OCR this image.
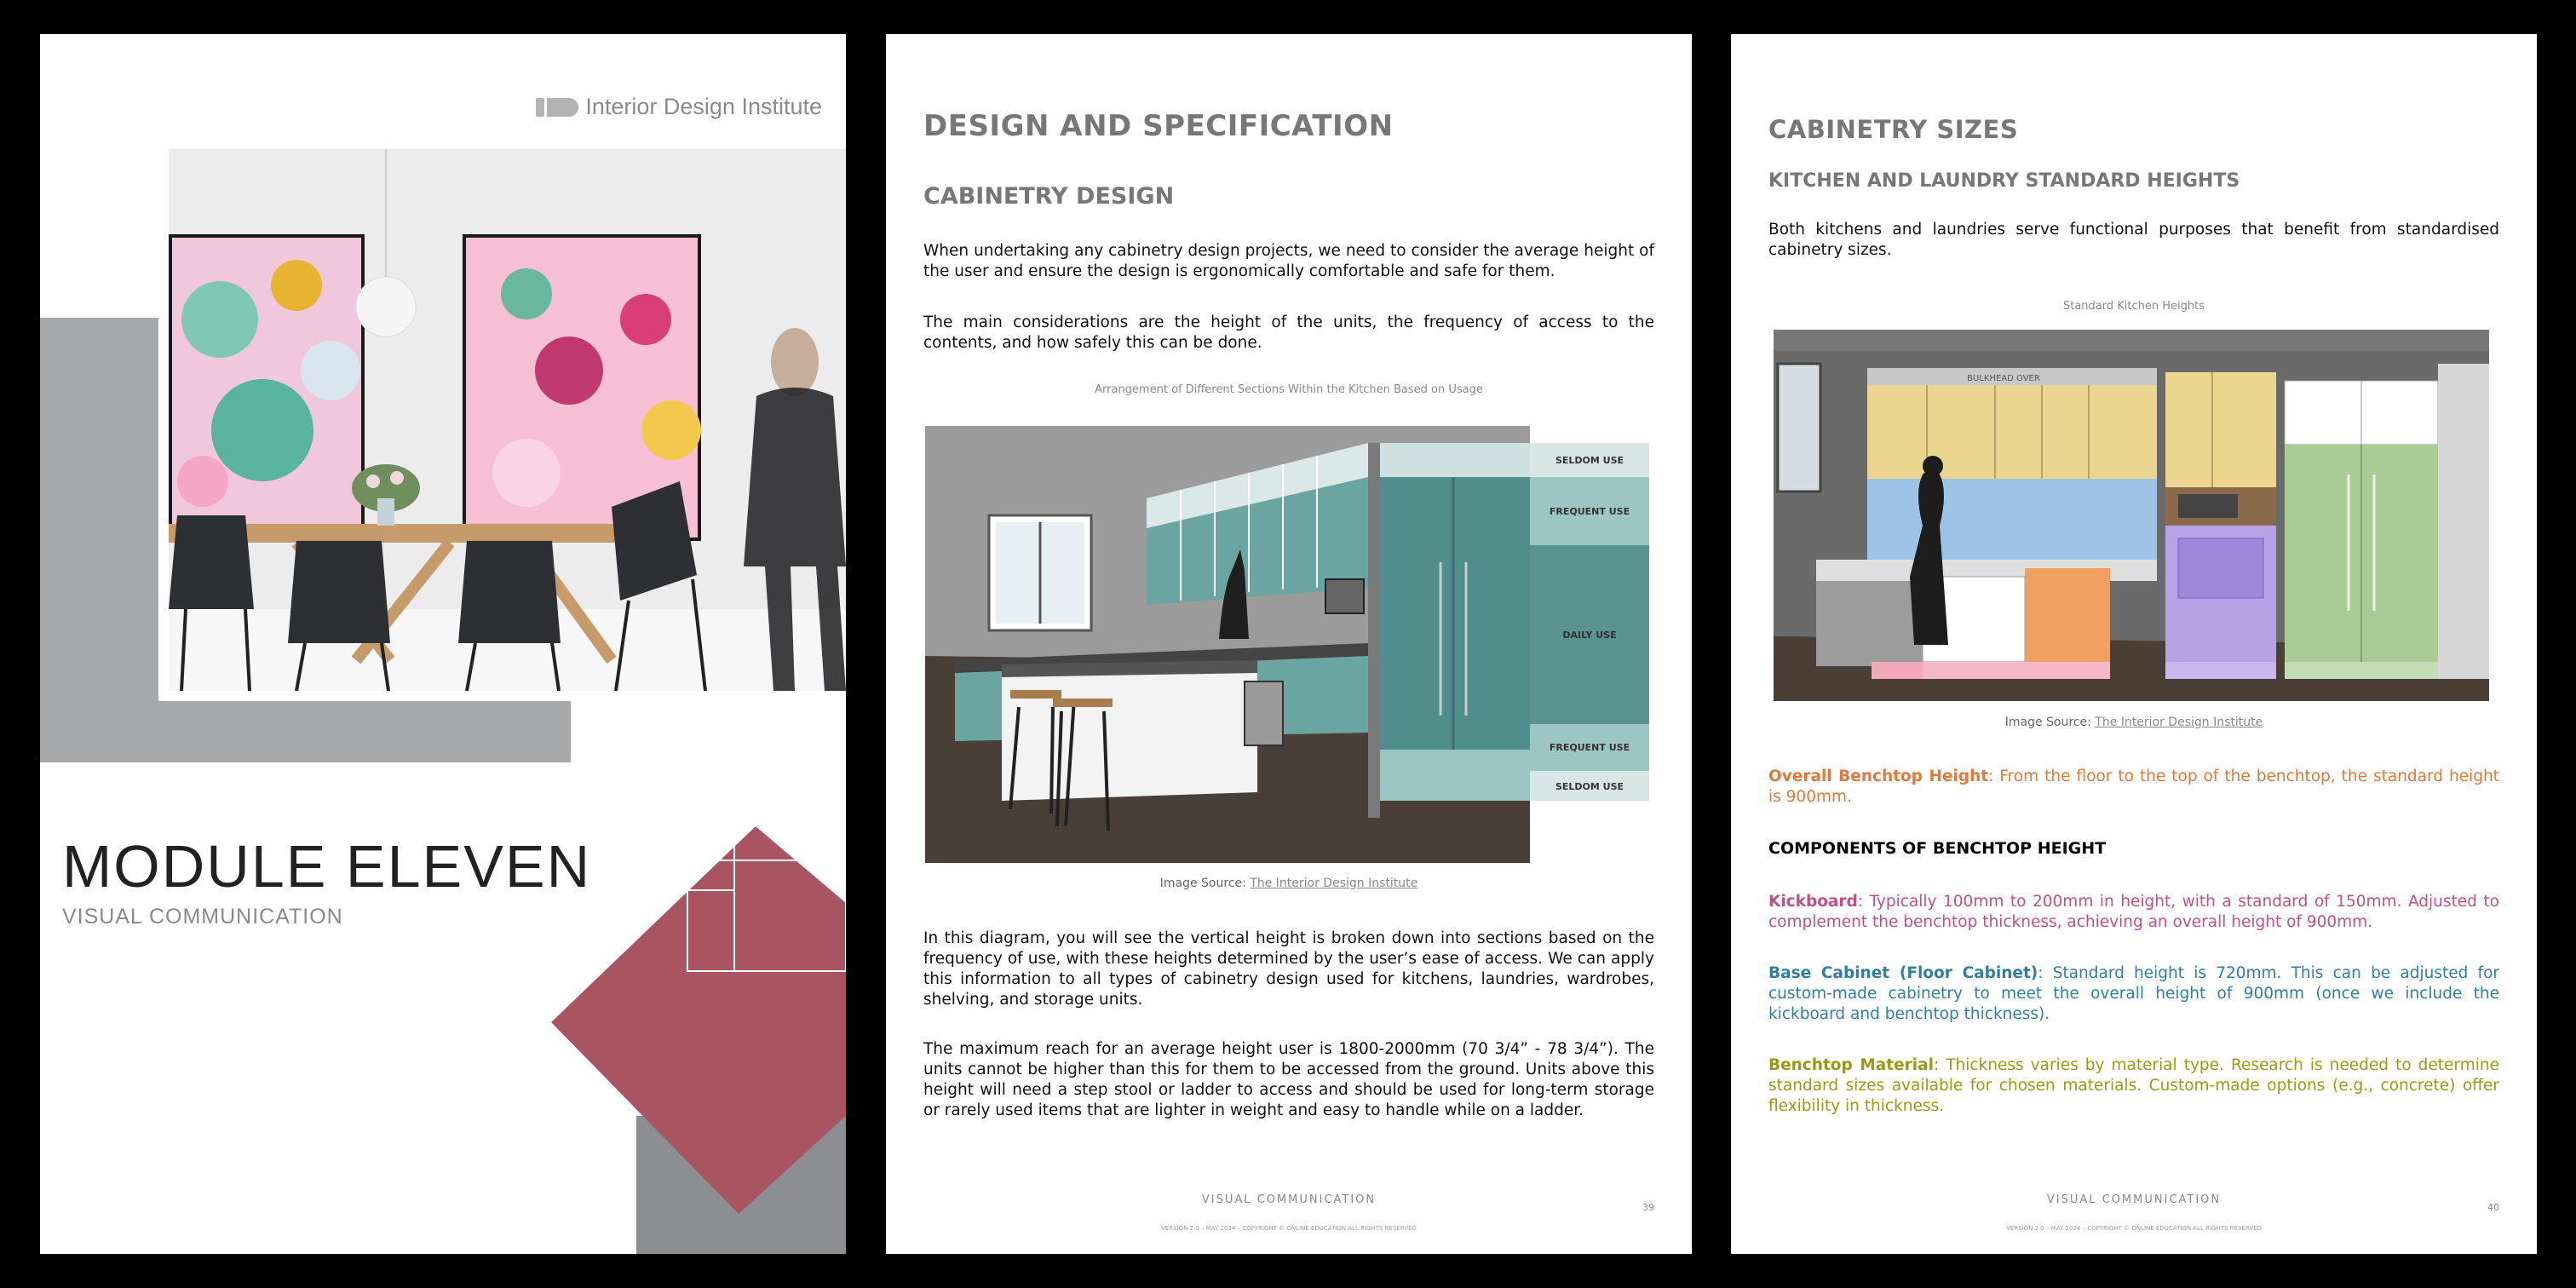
Interior Design Institute
MODULE ELEVEN
VISUAL COMMUNICATION
DESIGN AND SPECIFICATION
CABINETRY DESIGN

When undertaking any cabinetry design projects, we need to consider the average height of the user and ensure the design is ergonomically comfortable and safe for them.

The main considerations are the height of the units, the frequency of access to the contents, and how safely this can be done.

Arrangement of Different Sections Within the Kitchen Based on Usage
SELDOM USE
FREQUENT USE
DAILY USE
FREQUENT USE
SELDOM USE
Image Source: The Interior Design Institute

In this diagram, you will see the vertical height is broken down into sections based on the frequency of use, with these heights determined by the user’s ease of access. We can apply this information to all types of cabinetry design used for kitchens, laundries, wardrobes, shelving, and storage units.

The maximum reach for an average height user is 1800-2000mm (70 3/4” - 78 3/4”). The units cannot be higher than this for them to be accessed from the ground. Units above this height will need a step stool or ladder to access and should be used for long-term storage or rarely used items that are lighter in weight and easy to handle while on a ladder.

VISUAL COMMUNICATION
VERSION 2.0 – MAY 2024 – COPYRIGHT © ONLINE EDUCATION ALL RIGHTS RESERVED
39
CABINETRY SIZES
KITCHEN AND LAUNDRY STANDARD HEIGHTS

Both kitchens and laundries serve functional purposes that benefit from standardised cabinetry sizes.

Standard Kitchen Heights
BULKHEAD OVER
Image Source: The Interior Design Institute

Overall Benchtop Height: From the floor to the top of the benchtop, the standard height is 900mm.

COMPONENTS OF BENCHTOP HEIGHT

Kickboard: Typically 100mm to 200mm in height, with a standard of 150mm. Adjusted to complement the benchtop thickness, achieving an overall height of 900mm.

Base Cabinet (Floor Cabinet): Standard height is 720mm. This can be adjusted for custom-made cabinetry to meet the overall height of 900mm (once we include the kickboard and benchtop thickness).

Benchtop Material: Thickness varies by material type. Research is needed to determine standard sizes available for chosen materials. Custom-made options (e.g., concrete) offer flexibility in thickness.

VISUAL COMMUNICATION
VERSION 2.0 – MAY 2024 – COPYRIGHT © ONLINE EDUCATION ALL RIGHTS RESERVED
40
